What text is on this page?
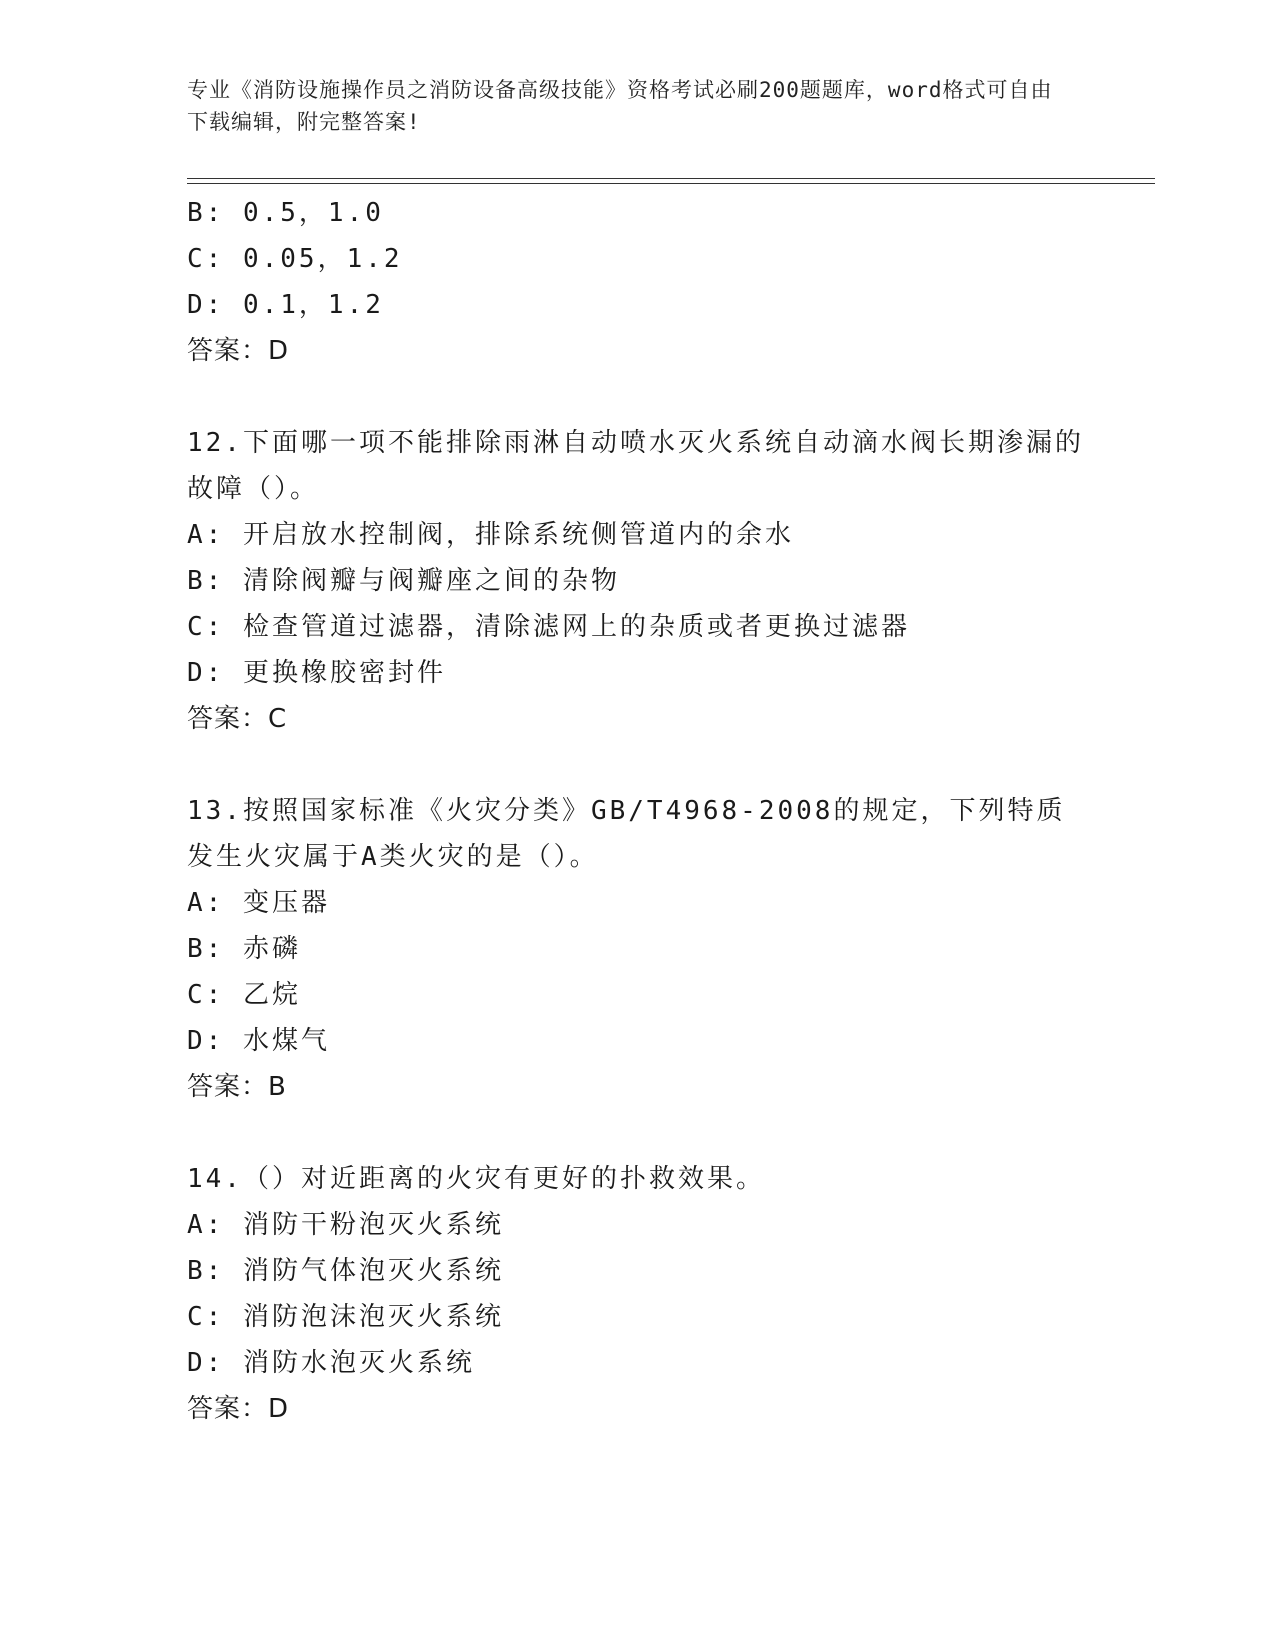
专业《消防设施操作员之消防设备高级技能》资格考试必刷200题题库，word格式可自由下载编辑，附完整答案!
B: 0.5，1.0
C: 0.05，1.2
D: 0.1，1.2
答案：D
12.下面哪一项不能排除雨淋自动喷水灭火系统自动滴水阀长期渗漏的故障（）。
A: 开启放水控制阀，排除系统侧管道内的余水
B: 清除阀瓣与阀瓣座之间的杂物
C: 检查管道过滤器，清除滤网上的杂质或者更换过滤器
D: 更换橡胶密封件
答案：C
13.按照国家标准《火灾分类》GB/T4968-2008的规定，下列特质发生火灾属于A类火灾的是（）。
A: 变压器
B: 赤磷
C: 乙烷
D: 水煤气
答案：B
14.（）对近距离的火灾有更好的扑救效果。
A: 消防干粉泡灭火系统
B: 消防气体泡灭火系统
C: 消防泡沫泡灭火系统
D: 消防水泡灭火系统
答案：D
